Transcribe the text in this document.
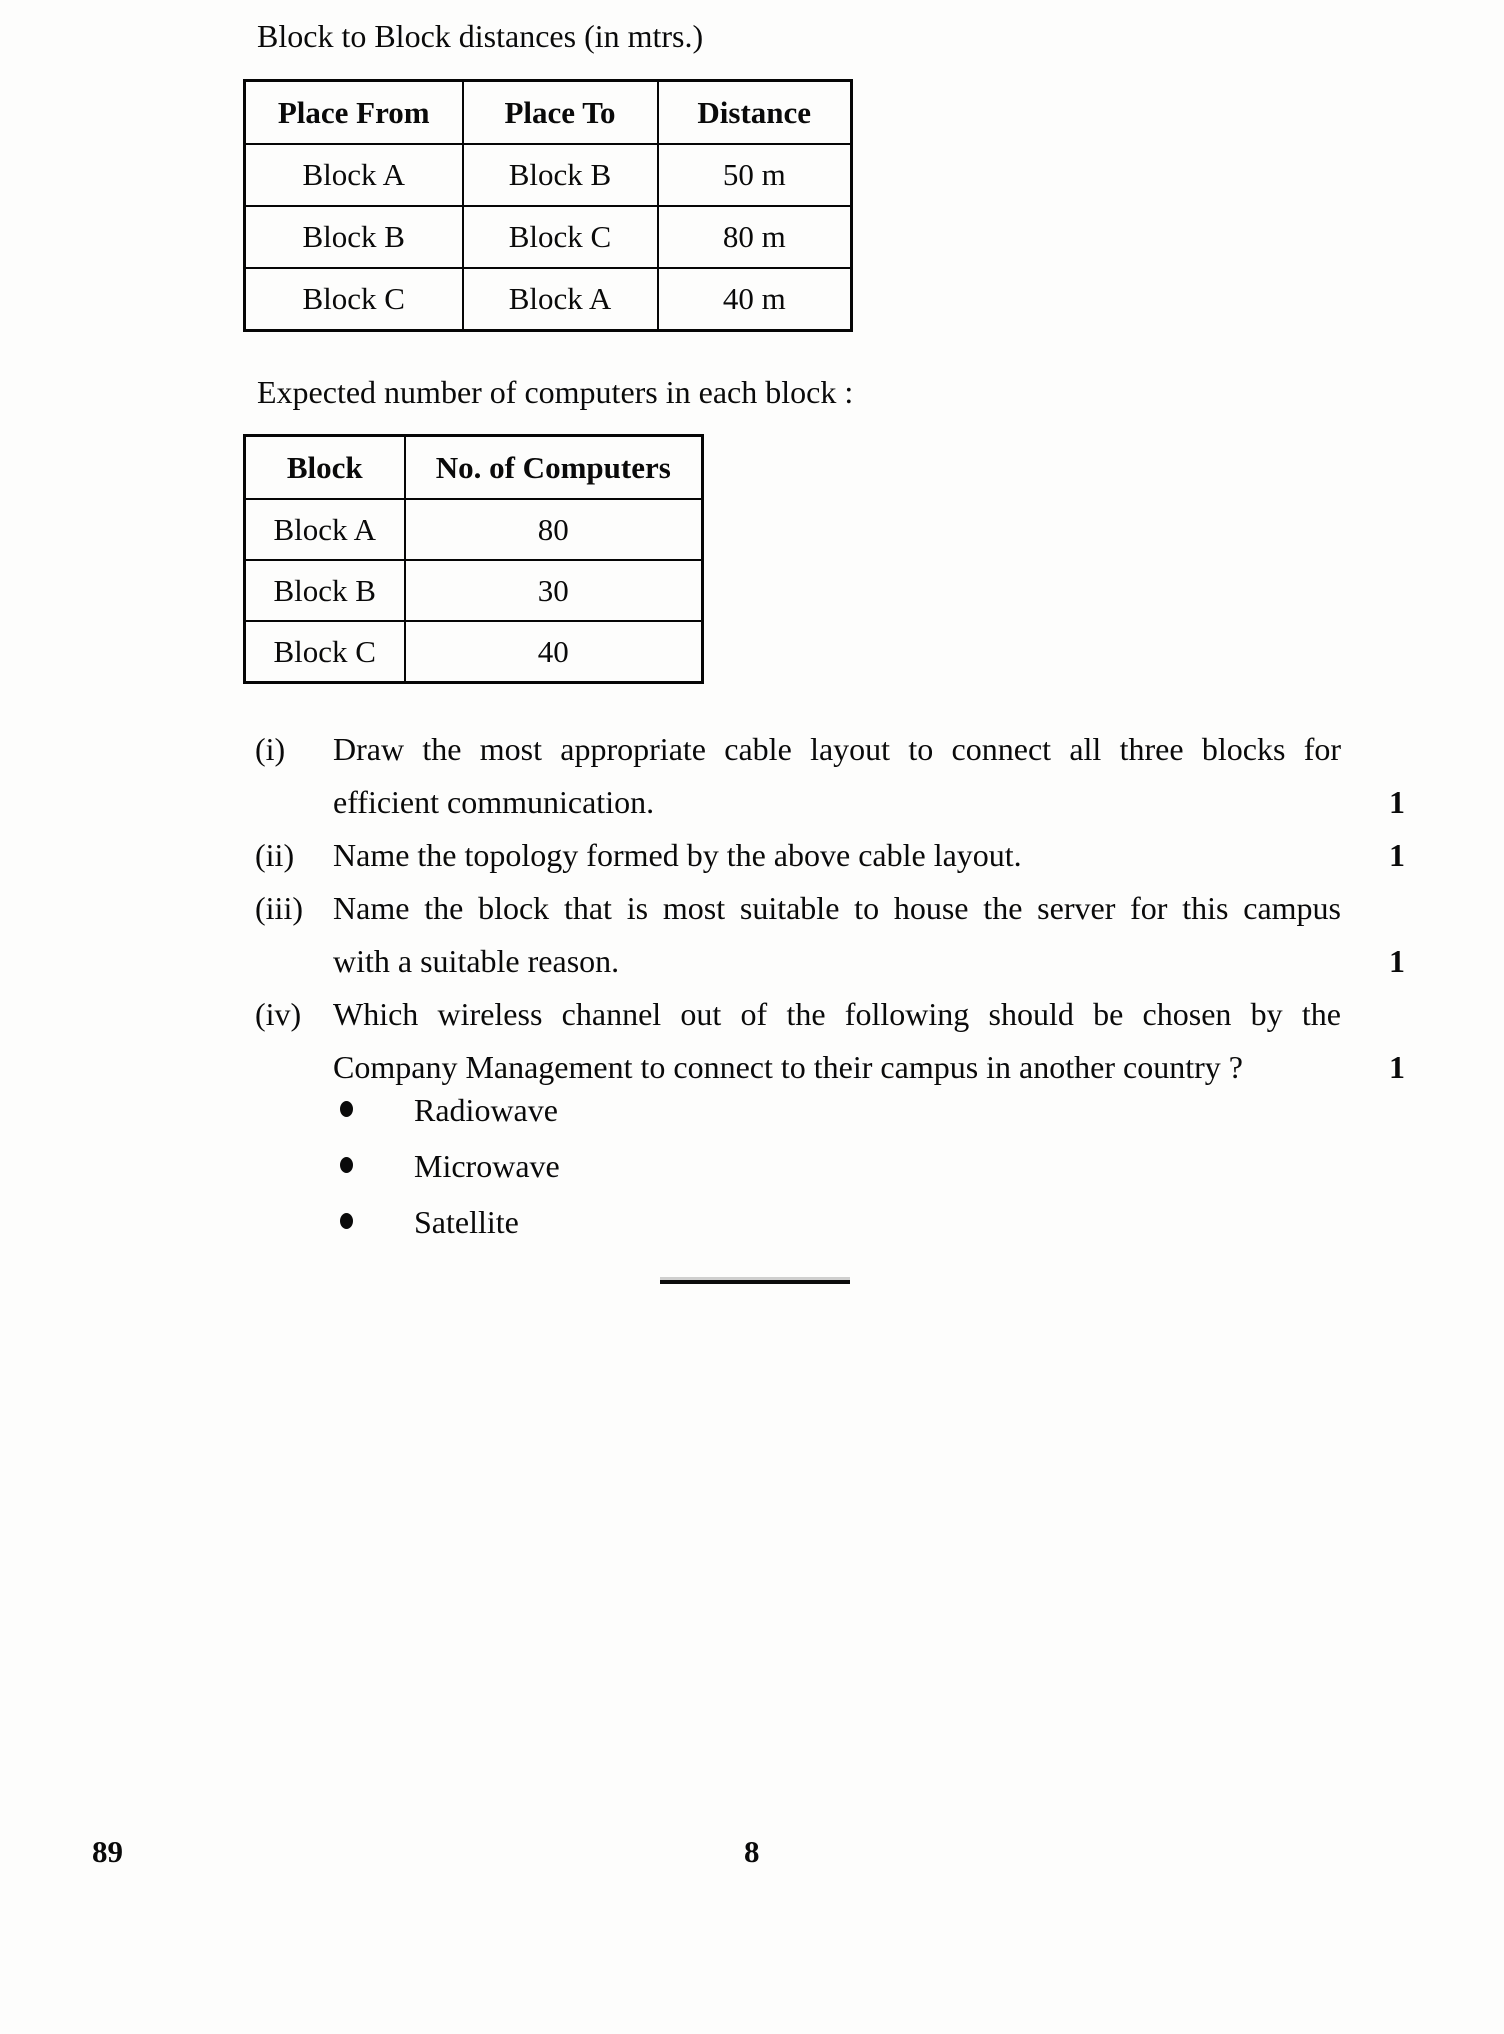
Block to Block distances (in mtrs.)
Place From	Place To	Distance
Block A	Block B	50 m
Block B	Block C	80 m
Block C	Block A	40 m
Expected number of computers in each block :
Block	No. of Computers
Block A	80
Block B	30
Block C	40
(i) Draw the most appropriate cable layout to connect all three blocks for
efficient communication.	1
(ii) Name the topology formed by the above cable layout.	1
(iii) Name the block that is most suitable to house the server for this campus
with a suitable reason.	1
(iv) Which wireless channel out of the following should be chosen by the
Company Management to connect to their campus in another country ?	1
Radiowave
Microwave
Satellite
89	8
